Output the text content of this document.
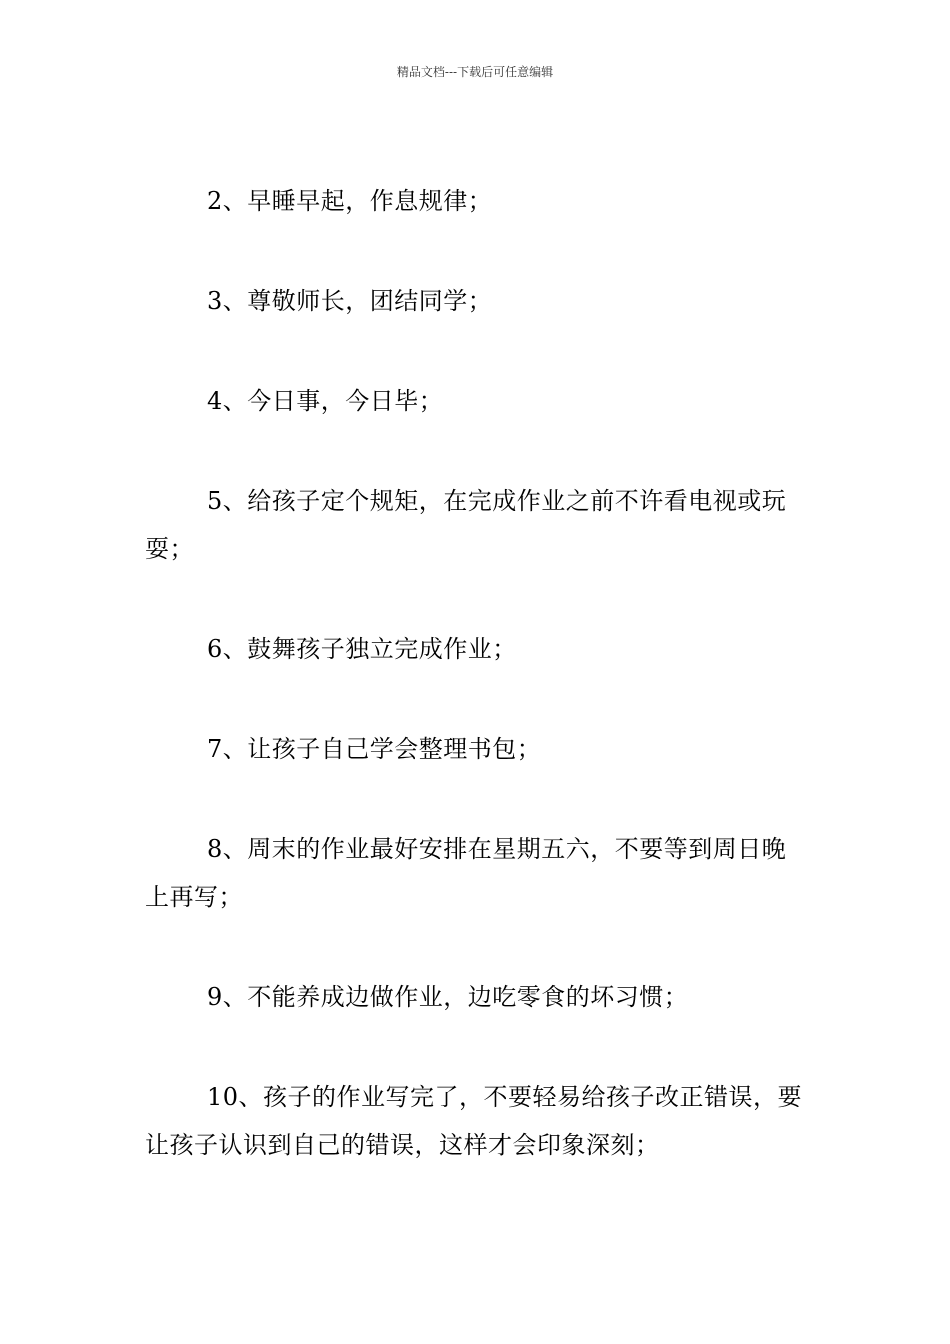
精品文档---下载后可任意编辑

2、早睡早起，作息规律；

3、尊敬师长，团结同学；

4、今日事，今日毕；

5、给孩子定个规矩，在完成作业之前不许看电视或玩耍；

6、鼓舞孩子独立完成作业；

7、让孩子自己学会整理书包；

8、周末的作业最好安排在星期五六，不要等到周日晚上再写；

9、不能养成边做作业，边吃零食的坏习惯；

10、孩子的作业写完了，不要轻易给孩子改正错误，要让孩子认识到自己的错误，这样才会印象深刻；
